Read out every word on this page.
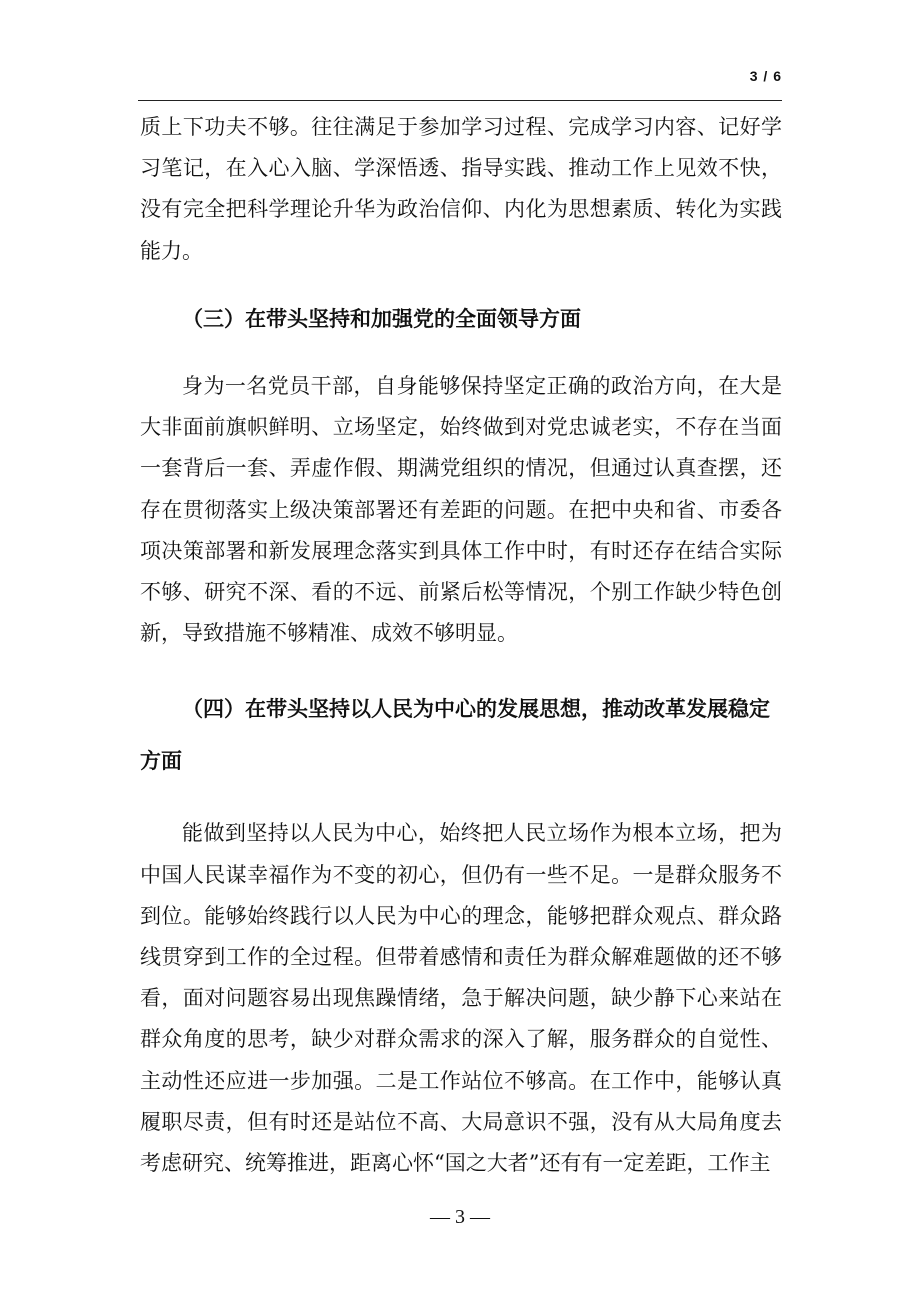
3 / 6

质上下功夫不够。往往满足于参加学习过程、完成学习内容、记好学习笔记，在入心入脑、学深悟透、指导实践、推动工作上见效不快，没有完全把科学理论升华为政治信仰、内化为思想素质、转化为实践能力。

（三）在带头坚持和加强党的全面领导方面

身为一名党员干部，自身能够保持坚定正确的政治方向，在大是大非面前旗帜鲜明、立场坚定，始终做到对党忠诚老实，不存在当面一套背后一套、弄虚作假、期满党组织的情况，但通过认真查摆，还存在贯彻落实上级决策部署还有差距的问题。在把中央和省、市委各项决策部署和新发展理念落实到具体工作中时，有时还存在结合实际不够、研究不深、看的不远、前紧后松等情况，个别工作缺少特色创新，导致措施不够精准、成效不够明显。

（四）在带头坚持以人民为中心的发展思想，推动改革发展稳定方面

能做到坚持以人民为中心，始终把人民立场作为根本立场，把为中国人民谋幸福作为不变的初心，但仍有一些不足。一是群众服务不到位。能够始终践行以人民为中心的理念，能够把群众观点、群众路线贯穿到工作的全过程。但带着感情和责任为群众解难题做的还不够看，面对问题容易出现焦躁情绪，急于解决问题，缺少静下心来站在群众角度的思考，缺少对群众需求的深入了解，服务群众的自觉性、主动性还应进一步加强。二是工作站位不够高。在工作中，能够认真履职尽责，但有时还是站位不高、大局意识不强，没有从大局角度去考虑研究、统筹推进，距离心怀“国之大者”还有有一定差距，工作主

— 3 —
